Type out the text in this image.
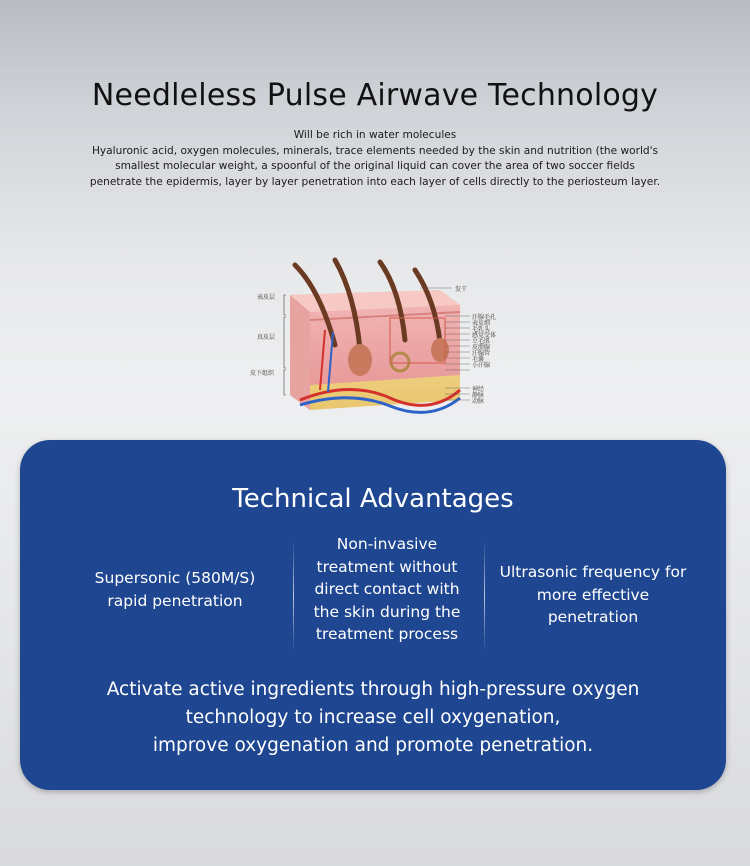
Needleless Pulse Airwave Technology
Will be rich in water molecules
Hyaluronic acid, oxygen molecules, minerals, trace elements needed by the skin and nutrition (the world's
smallest molecular weight, a spoonful of the original liquid can cover the area of two soccer fields
penetrate the epidermis, layer by layer penetration into each layer of cells directly to the periosteum layer.
表皮层
真皮层
皮下组织
发干
汗腺毛孔
表皮细
毛乳头
感觉受体
立毛肌
皮脂腺
汗腺管
毛囊
小汗腺
神经
静脉
动脉
Technical Advantages
Supersonic (580M/S)
rapid penetration
Non-invasive
treatment without
direct contact with
the skin during the
treatment process
Ultrasonic frequency for
more effective
penetration
Activate active ingredients through high-pressure oxygen
technology to increase cell oxygenation,
improve oxygenation and promote penetration.
